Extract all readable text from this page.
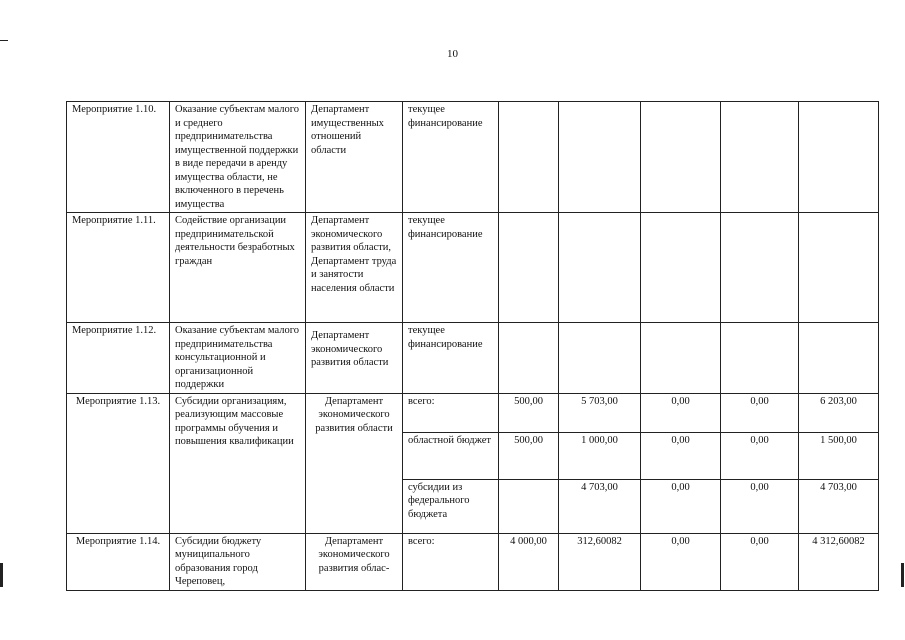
10
Мероприятие 1.10.	Оказание субъектам малого и среднего предпринимательства имущественной поддержки в виде передачи в аренду имущества области, не включенного в перечень имущества	Департамент имущественных отношений области	текущее финансирование					
Мероприятие 1.11.	Содействие организации предпринимательской деятельности безработных граждан	Департамент экономического развития области, Департамент труда и занятости населения области	текущее финансирование					
Мероприятие 1.12.	Оказание субъектам малого предпринимательства консультационной и организационной поддержки	Департамент экономического развития области	текущее финансирование					
Мероприятие 1.13.	Субсидии организациям, реализующим массовые программы обучения и повышения квалификации	Департамент экономического развития области	всего:	500,00	5 703,00	0,00	0,00	6 203,00
			областной бюджет	500,00	1 000,00	0,00	0,00	1 500,00
			субсидии из федерального бюджета		4 703,00	0,00	0,00	4 703,00
Мероприятие 1.14.	Субсидии бюджету муниципального образования город Череповец,	Департамент экономического развития облас-	всего:	4 000,00	312,60082	0,00	0,00	4 312,60082
